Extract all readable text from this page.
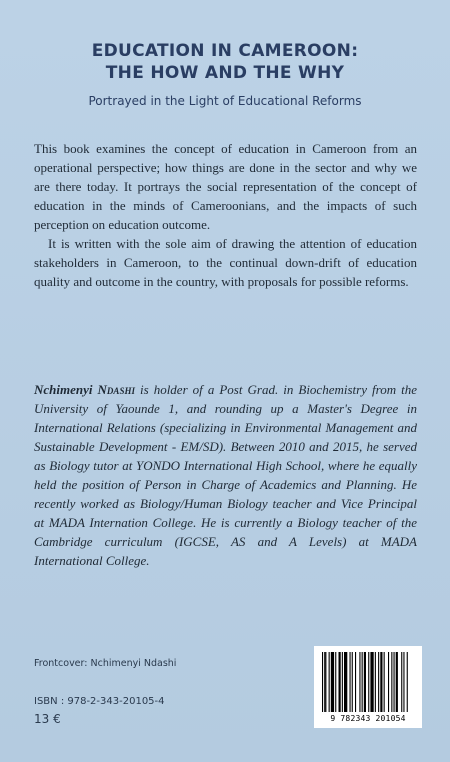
EDUCATION IN CAMEROON:
THE HOW AND THE WHY
Portrayed in the Light of Educational Reforms

This book examines the concept of education in Cameroon from an operational perspective; how things are done in the sector and why we are there today. It portrays the social representation of the concept of education in the minds of Cameroonians, and the impacts of such perception on education outcome.

It is written with the sole aim of drawing the attention of education stakeholders in Cameroon, to the continual down-drift of education quality and outcome in the country, with proposals for possible reforms.

Nchimenyi Ndashi is holder of a Post Grad. in Biochemistry from the University of Yaounde 1, and rounding up a Master's Degree in International Relations (specializing in Environmental Management and Sustainable Development - EM/SD). Between 2010 and 2015, he served as Biology tutor at YONDO International High School, where he equally held the position of Person in Charge of Academics and Planning. He recently worked as Biology/Human Biology teacher and Vice Principal at MADA Internation College. He is currently a Biology teacher of the Cambridge curriculum (IGCSE, AS and A Levels) at MADA International College.

Frontcover: Nchimenyi Ndashi
ISBN : 978-2-343-20105-4
13 €	9 782343 201054
